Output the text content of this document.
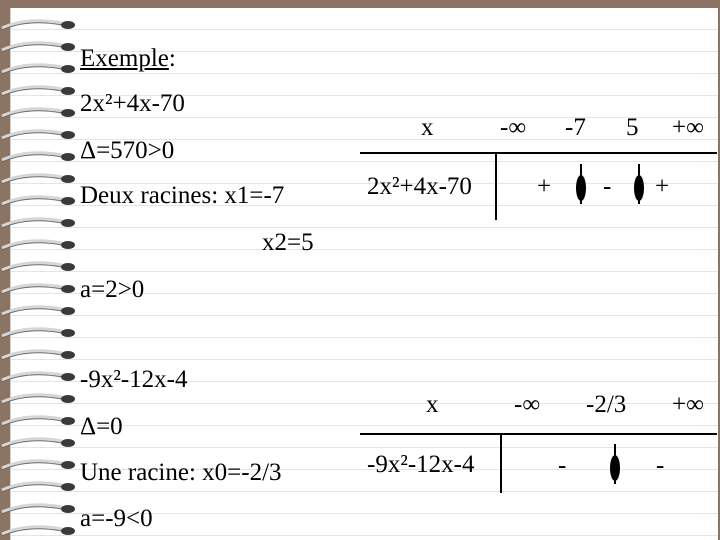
Exemple:
2x²+4x-70
Δ=570>0
Deux racines: x1=-7
x2=5
a=2>0
x	-∞ -7 5 +∞
2x²+4x-70	+ - +
-9x²-12x-4
Δ=0
Une racine: x0=-2/3
a=-9<0
x	-∞ -2/3 +∞
-9x²-12x-4	-	-
